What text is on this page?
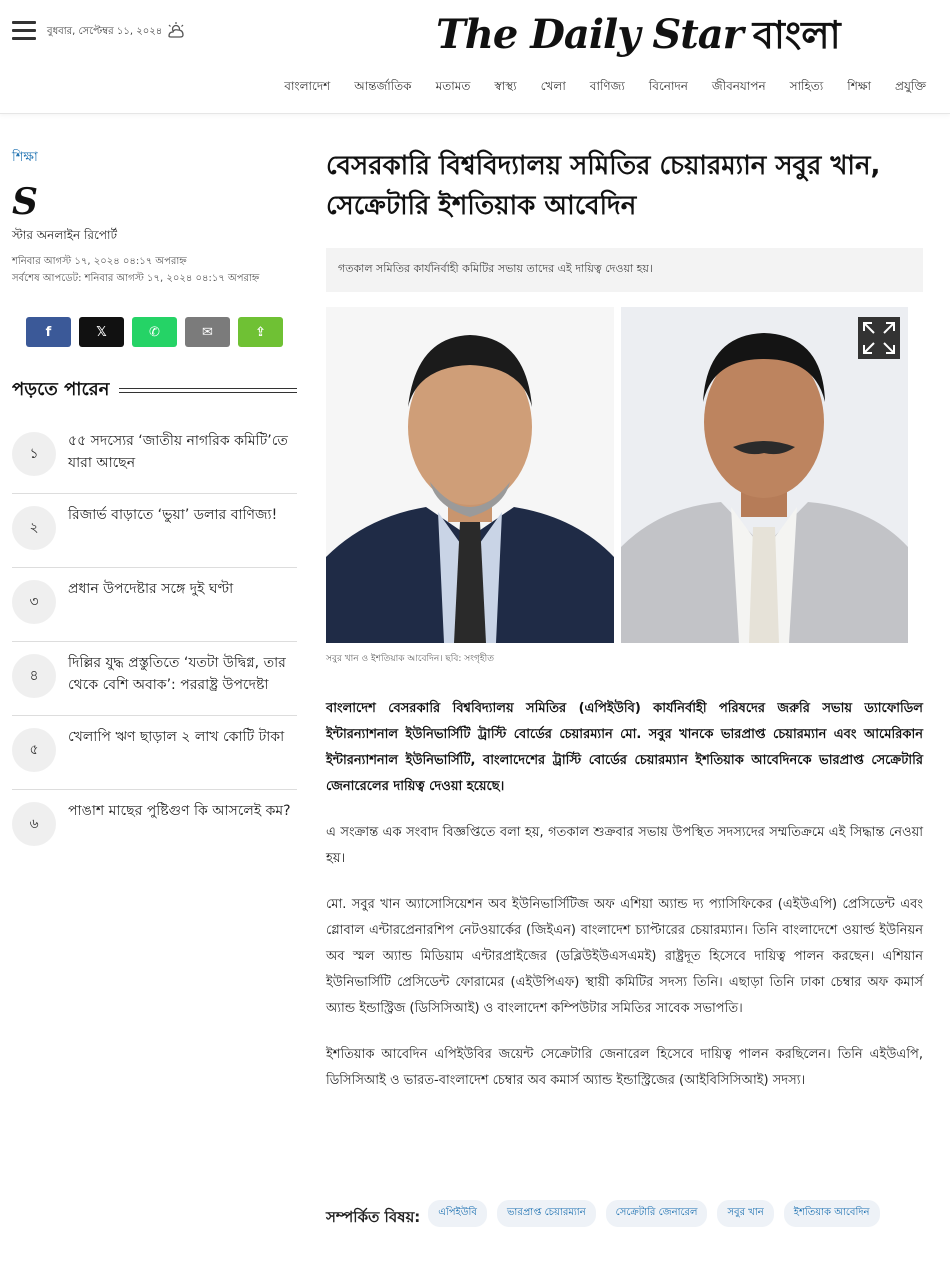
বুধবার, সেপ্টেম্বর ১১, ২০২৪	The Daily Star বাংলা
বাংলাদেশ আন্তর্জাতিক মতামত স্বাস্থ্য খেলা বাণিজ্য বিনোদন জীবনযাপন সাহিত্য শিক্ষা প্রযুক্তি
শিক্ষা
S
স্টার অনলাইন রিপোর্ট
শনিবার আগস্ট ১৭, ২০২৪ ০৪:১৭ অপরাহ্ন
সর্বশেষ আপডেট: শনিবার আগস্ট ১৭, ২০২৪ ০৪:১৭ অপরাহ্ন
f	𝕏	✆	✉	⇪
পড়তে পারেন
১
৫৫ সদস্যের ‘জাতীয় নাগরিক কমিটি’তে যারা আছেন
২
রিজার্ভ বাড়াতে ‘ভুয়া’ ডলার বাণিজ্য!
৩
প্রধান উপদেষ্টার সঙ্গে দুই ঘণ্টা
৪
দিল্লির যুদ্ধ প্রস্তুতিতে ‘যতটা উদ্বিগ্ন, তার থেকে বেশি অবাক’: পররাষ্ট্র উপদেষ্টা
৫
খেলাপি ঋণ ছাড়াল ২ লাখ কোটি টাকা
৬
পাঙাশ মাছের পুষ্টিগুণ কি আসলেই কম?
বেসরকারি বিশ্ববিদ্যালয় সমিতির চেয়ারম্যান সবুর খান, সেক্রেটারি ইশতিয়াক আবেদিন
গতকাল সমিতির কার্যনির্বাহী কমিটির সভায় তাদের এই দায়িত্ব দেওয়া হয়।
সবুর খান ও ইশতিয়াক আবেদিন। ছবি: সংগৃহীত

বাংলাদেশ বেসরকারি বিশ্ববিদ্যালয় সমিতির (এপিইউবি) কার্যনির্বাহী পরিষদের জরুরি সভায় ড্যাফোডিল ইন্টারন্যাশনাল ইউনিভার্সিটি ট্রাস্টি বোর্ডের চেয়ারম্যান মো. সবুর খানকে ভারপ্রাপ্ত চেয়ারম্যান এবং আমেরিকান ইন্টারন্যাশনাল ইউনিভার্সিটি, বাংলাদেশের ট্রাস্টি বোর্ডের চেয়ারম্যান ইশতিয়াক আবেদিনকে ভারপ্রাপ্ত সেক্রেটারি জেনারেলের দায়িত্ব দেওয়া হয়েছে।

এ সংক্রান্ত এক সংবাদ বিজ্ঞপ্তিতে বলা হয়, গতকাল শুক্রবার সভায় উপস্থিত সদস্যদের সম্মতিক্রমে এই সিদ্ধান্ত নেওয়া হয়।

মো. সবুর খান অ্যাসোসিয়েশন অব ইউনিভার্সিটিজ অফ এশিয়া অ্যান্ড দ্য প্যাসিফিকের (এইউএপি) প্রেসিডেন্ট এবং গ্লোবাল এন্টারপ্রেনারশিপ নেটওয়ার্কের (জিইএন) বাংলাদেশ চ্যাপ্টারের চেয়ারম্যান। তিনি বাংলাদেশে ওয়ার্ল্ড ইউনিয়ন অব স্মল অ্যান্ড মিডিয়াম এন্টারপ্রাইজের (ডব্লিউইউএসএমই) রাষ্ট্রদূত হিসেবে দায়িত্ব পালন করছেন। এশিয়ান ইউনিভার্সিটি প্রেসিডেন্ট ফোরামের (এইউপিএফ) স্থায়ী কমিটির সদস্য তিনি। এছাড়া তিনি ঢাকা চেম্বার অফ কমার্স অ্যান্ড ইন্ডাস্ট্রিজ (ডিসিসিআই) ও বাংলাদেশ কম্পিউটার সমিতির সাবেক সভাপতি।

ইশতিয়াক আবেদিন এপিইউবির জয়েন্ট সেক্রেটারি জেনারেল হিসেবে দায়িত্ব পালন করছিলেন। তিনি এইউএপি, ডিসিসিআই ও ভারত-বাংলাদেশ চেম্বার অব কমার্স অ্যান্ড ইন্ডাস্ট্রিজের (আইবিসিসিআই) সদস্য।

সম্পর্কিত বিষয়:	এপিইউবি	ভারপ্রাপ্ত চেয়ারম্যান	সেক্রেটারি জেনারেল	সবুর খান	ইশতিয়াক আবেদিন
